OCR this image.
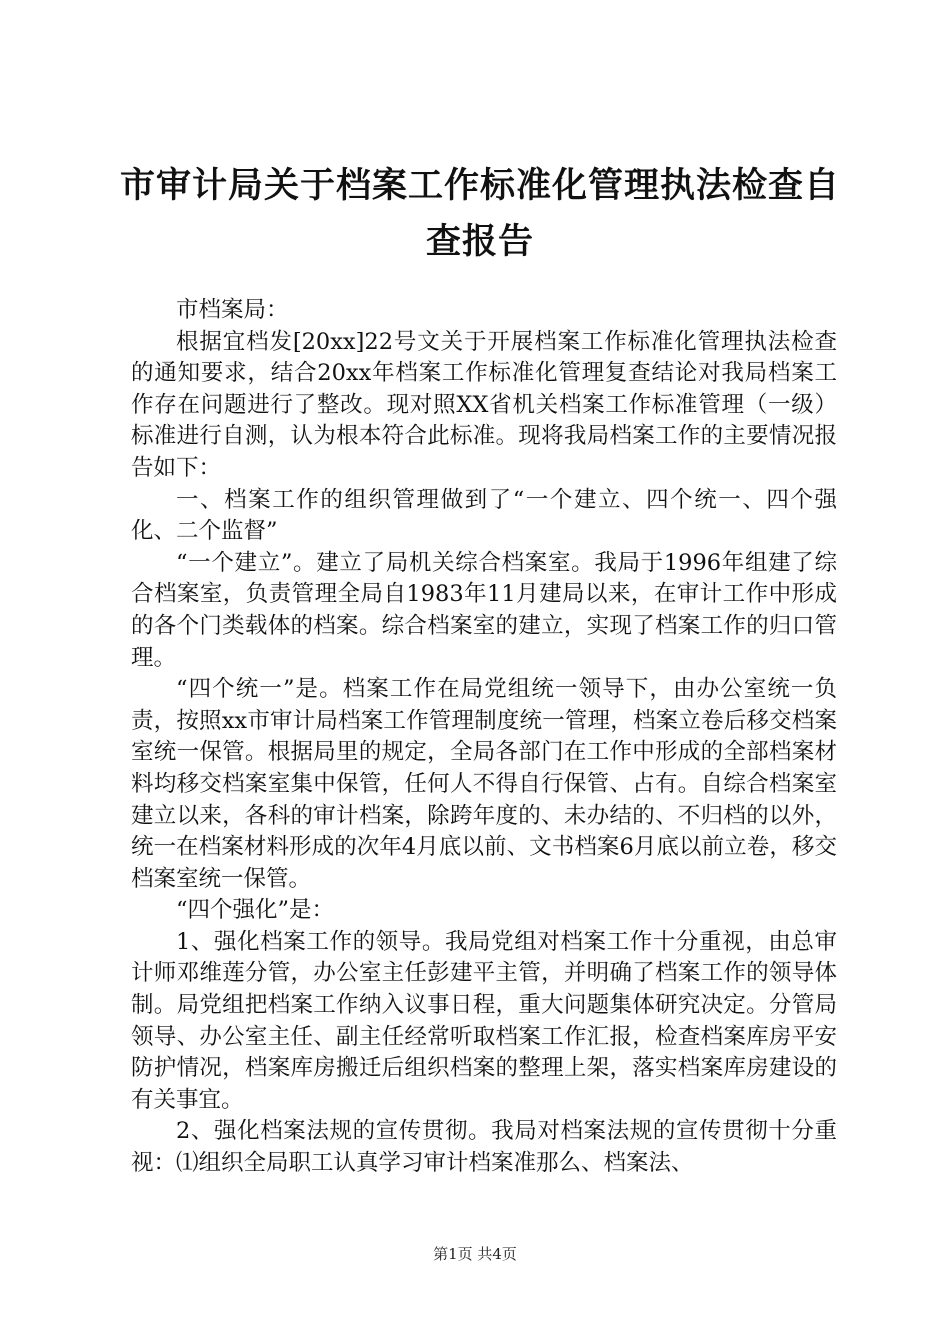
市审计局关于档案工作标准化管理执法检查自查报告

市档案局：

根据宜档发[20xx]22号文关于开展档案工作标准化管理执法检查的通知要求，结合20xx年档案工作标准化管理复查结论对我局档案工作存在问题进行了整改。现对照XX省机关档案工作标准管理（一级）标准进行自测，认为根本符合此标准。现将我局档案工作的主要情况报告如下：

一、档案工作的组织管理做到了“一个建立、四个统一、四个强化、二个监督”

“一个建立”。建立了局机关综合档案室。我局于1996年组建了综合档案室，负责管理全局自1983年11月建局以来，在审计工作中形成的各个门类载体的档案。综合档案室的建立，实现了档案工作的归口管理。

“四个统一”是。档案工作在局党组统一领导下，由办公室统一负责，按照xx市审计局档案工作管理制度统一管理，档案立卷后移交档案室统一保管。根据局里的规定，全局各部门在工作中形成的全部档案材料均移交档案室集中保管，任何人不得自行保管、占有。自综合档案室建立以来，各科的审计档案，除跨年度的、未办结的、不归档的以外，统一在档案材料形成的次年4月底以前、文书档案6月底以前立卷，移交档案室统一保管。

“四个强化”是：

1、强化档案工作的领导。我局党组对档案工作十分重视，由总审计师邓维莲分管，办公室主任彭建平主管，并明确了档案工作的领导体制。局党组把档案工作纳入议事日程，重大问题集体研究决定。分管局领导、办公室主任、副主任经常听取档案工作汇报，检查档案库房平安防护情况，档案库房搬迁后组织档案的整理上架，落实档案库房建设的有关事宜。

2、强化档案法规的宣传贯彻。我局对档案法规的宣传贯彻十分重视：⑴组织全局职工认真学习审计档案准那么、档案法、

第1页 共4页
